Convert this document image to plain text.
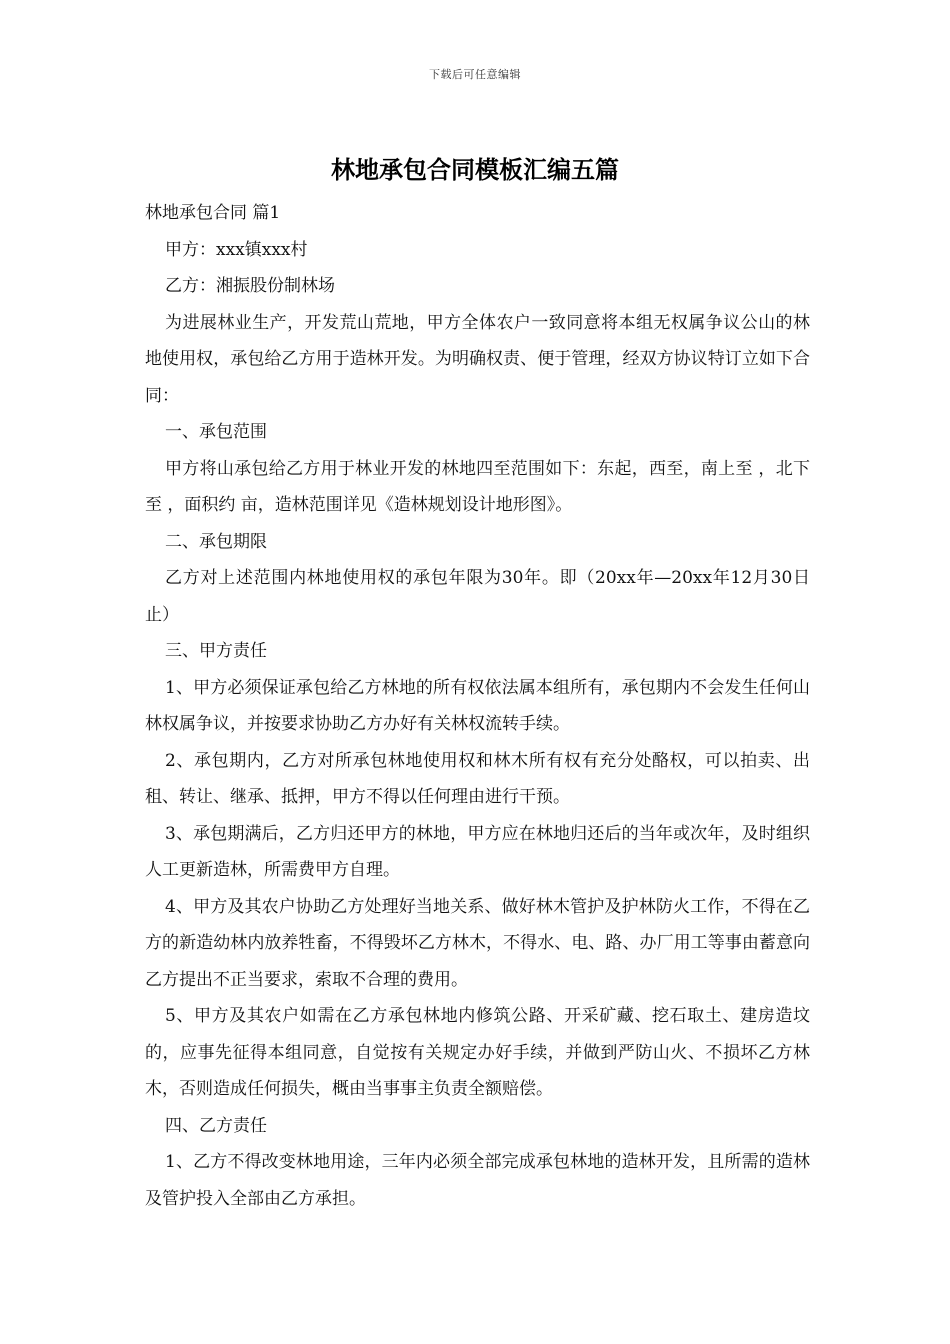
下载后可任意编辑
林地承包合同模板汇编五篇

林地承包合同 篇1

甲方：xxx镇xxx村

乙方：湘振股份制林场

为进展林业生产，开发荒山荒地，甲方全体农户一致同意将本组无权属争议公山的林地使用权，承包给乙方用于造林开发。为明确权责、便于管理，经双方协议特订立如下合同：

一、承包范围

甲方将山承包给乙方用于林业开发的林地四至范围如下：东起，西至，南上至 ，北下至 ，面积约 亩，造林范围详见《造林规划设计地形图》。

二、承包期限

乙方对上述范围内林地使用权的承包年限为30年。即（20xx年—20xx年12月30日止）

三、甲方责任

1、甲方必须保证承包给乙方林地的所有权依法属本组所有，承包期内不会发生任何山林权属争议，并按要求协助乙方办好有关林权流转手续。

2、承包期内，乙方对所承包林地使用权和林木所有权有充分处酪权，可以拍卖、出租、转让、继承、抵押，甲方不得以任何理由进行干预。

3、承包期满后，乙方归还甲方的林地，甲方应在林地归还后的当年或次年，及时组织人工更新造林，所需费甲方自理。

4、甲方及其农户协助乙方处理好当地关系、做好林木管护及护林防火工作，不得在乙方的新造幼林内放养牲畜，不得毁坏乙方林木，不得水、电、路、办厂用工等事由蓄意向乙方提出不正当要求，索取不合理的费用。

5、甲方及其农户如需在乙方承包林地内修筑公路、开采矿藏、挖石取土、建房造坟的，应事先征得本组同意，自觉按有关规定办好手续，并做到严防山火、不损坏乙方林木，否则造成任何损失，概由当事事主负责全额赔偿。

四、乙方责任

1、乙方不得改变林地用途，三年内必须全部完成承包林地的造林开发，且所需的造林及管护投入全部由乙方承担。
